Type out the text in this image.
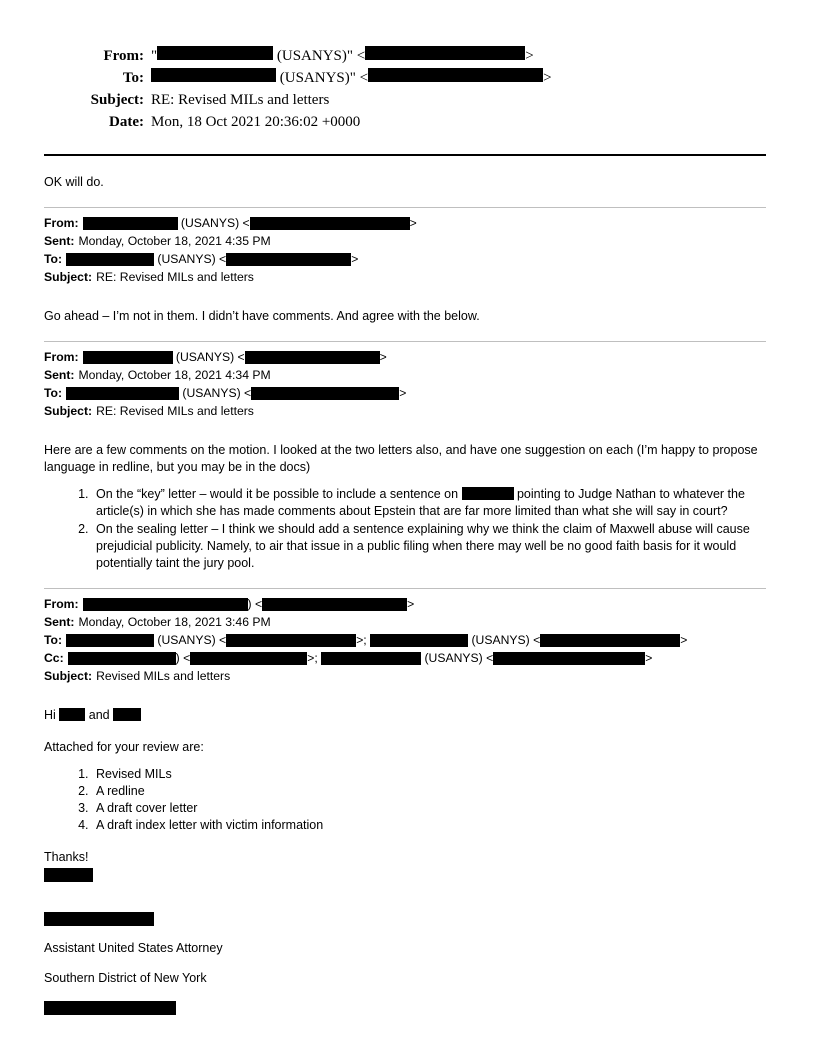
From: "	(USANYS)" <	>
To:	(USANYS)" <	>
Subject: RE: Revised MILs and letters
Date: Mon, 18 Oct 2021 20:36:02 +0000

OK will do.

From:	(USANYS) <	>
Sent: Monday, October 18, 2021 4:35 PM
To:	(USANYS) <	>
Subject: RE: Revised MILs and letters

Go ahead – I’m not in them. I didn’t have comments. And agree with the below.

From:	(USANYS) <	>
Sent: Monday, October 18, 2021 4:34 PM
To:	(USANYS) <	>
Subject: RE: Revised MILs and letters

Here are a few comments on the motion. I looked at the two letters also, and have one suggestion on each (I’m happy to propose language in redline, but you may be in the docs)

1. On the “key” letter – would it be possible to include a sentence on	pointing to Judge Nathan to whatever the article(s) in which she has made comments about Epstein that are far more limited than what she will say in court?
2. On the sealing letter – I think we should add a sentence explaining why we think the claim of Maxwell abuse will cause prejudicial publicity. Namely, to air that issue in a public filing when there may well be no good faith basis for it would potentially taint the jury pool.
From:	) <	>
Sent: Monday, October 18, 2021 3:46 PM
To:	(USANYS) <	>;	(USANYS) <	>
Cc:	) <	>;	(USANYS) <	>
Subject: Revised MILs and letters

Hi  and

Attached for your review are:

1. Revised MILs
2. A redline
3. A draft cover letter
4. A draft index letter with victim information

Thanks!

Assistant United States Attorney

Southern District of New York
